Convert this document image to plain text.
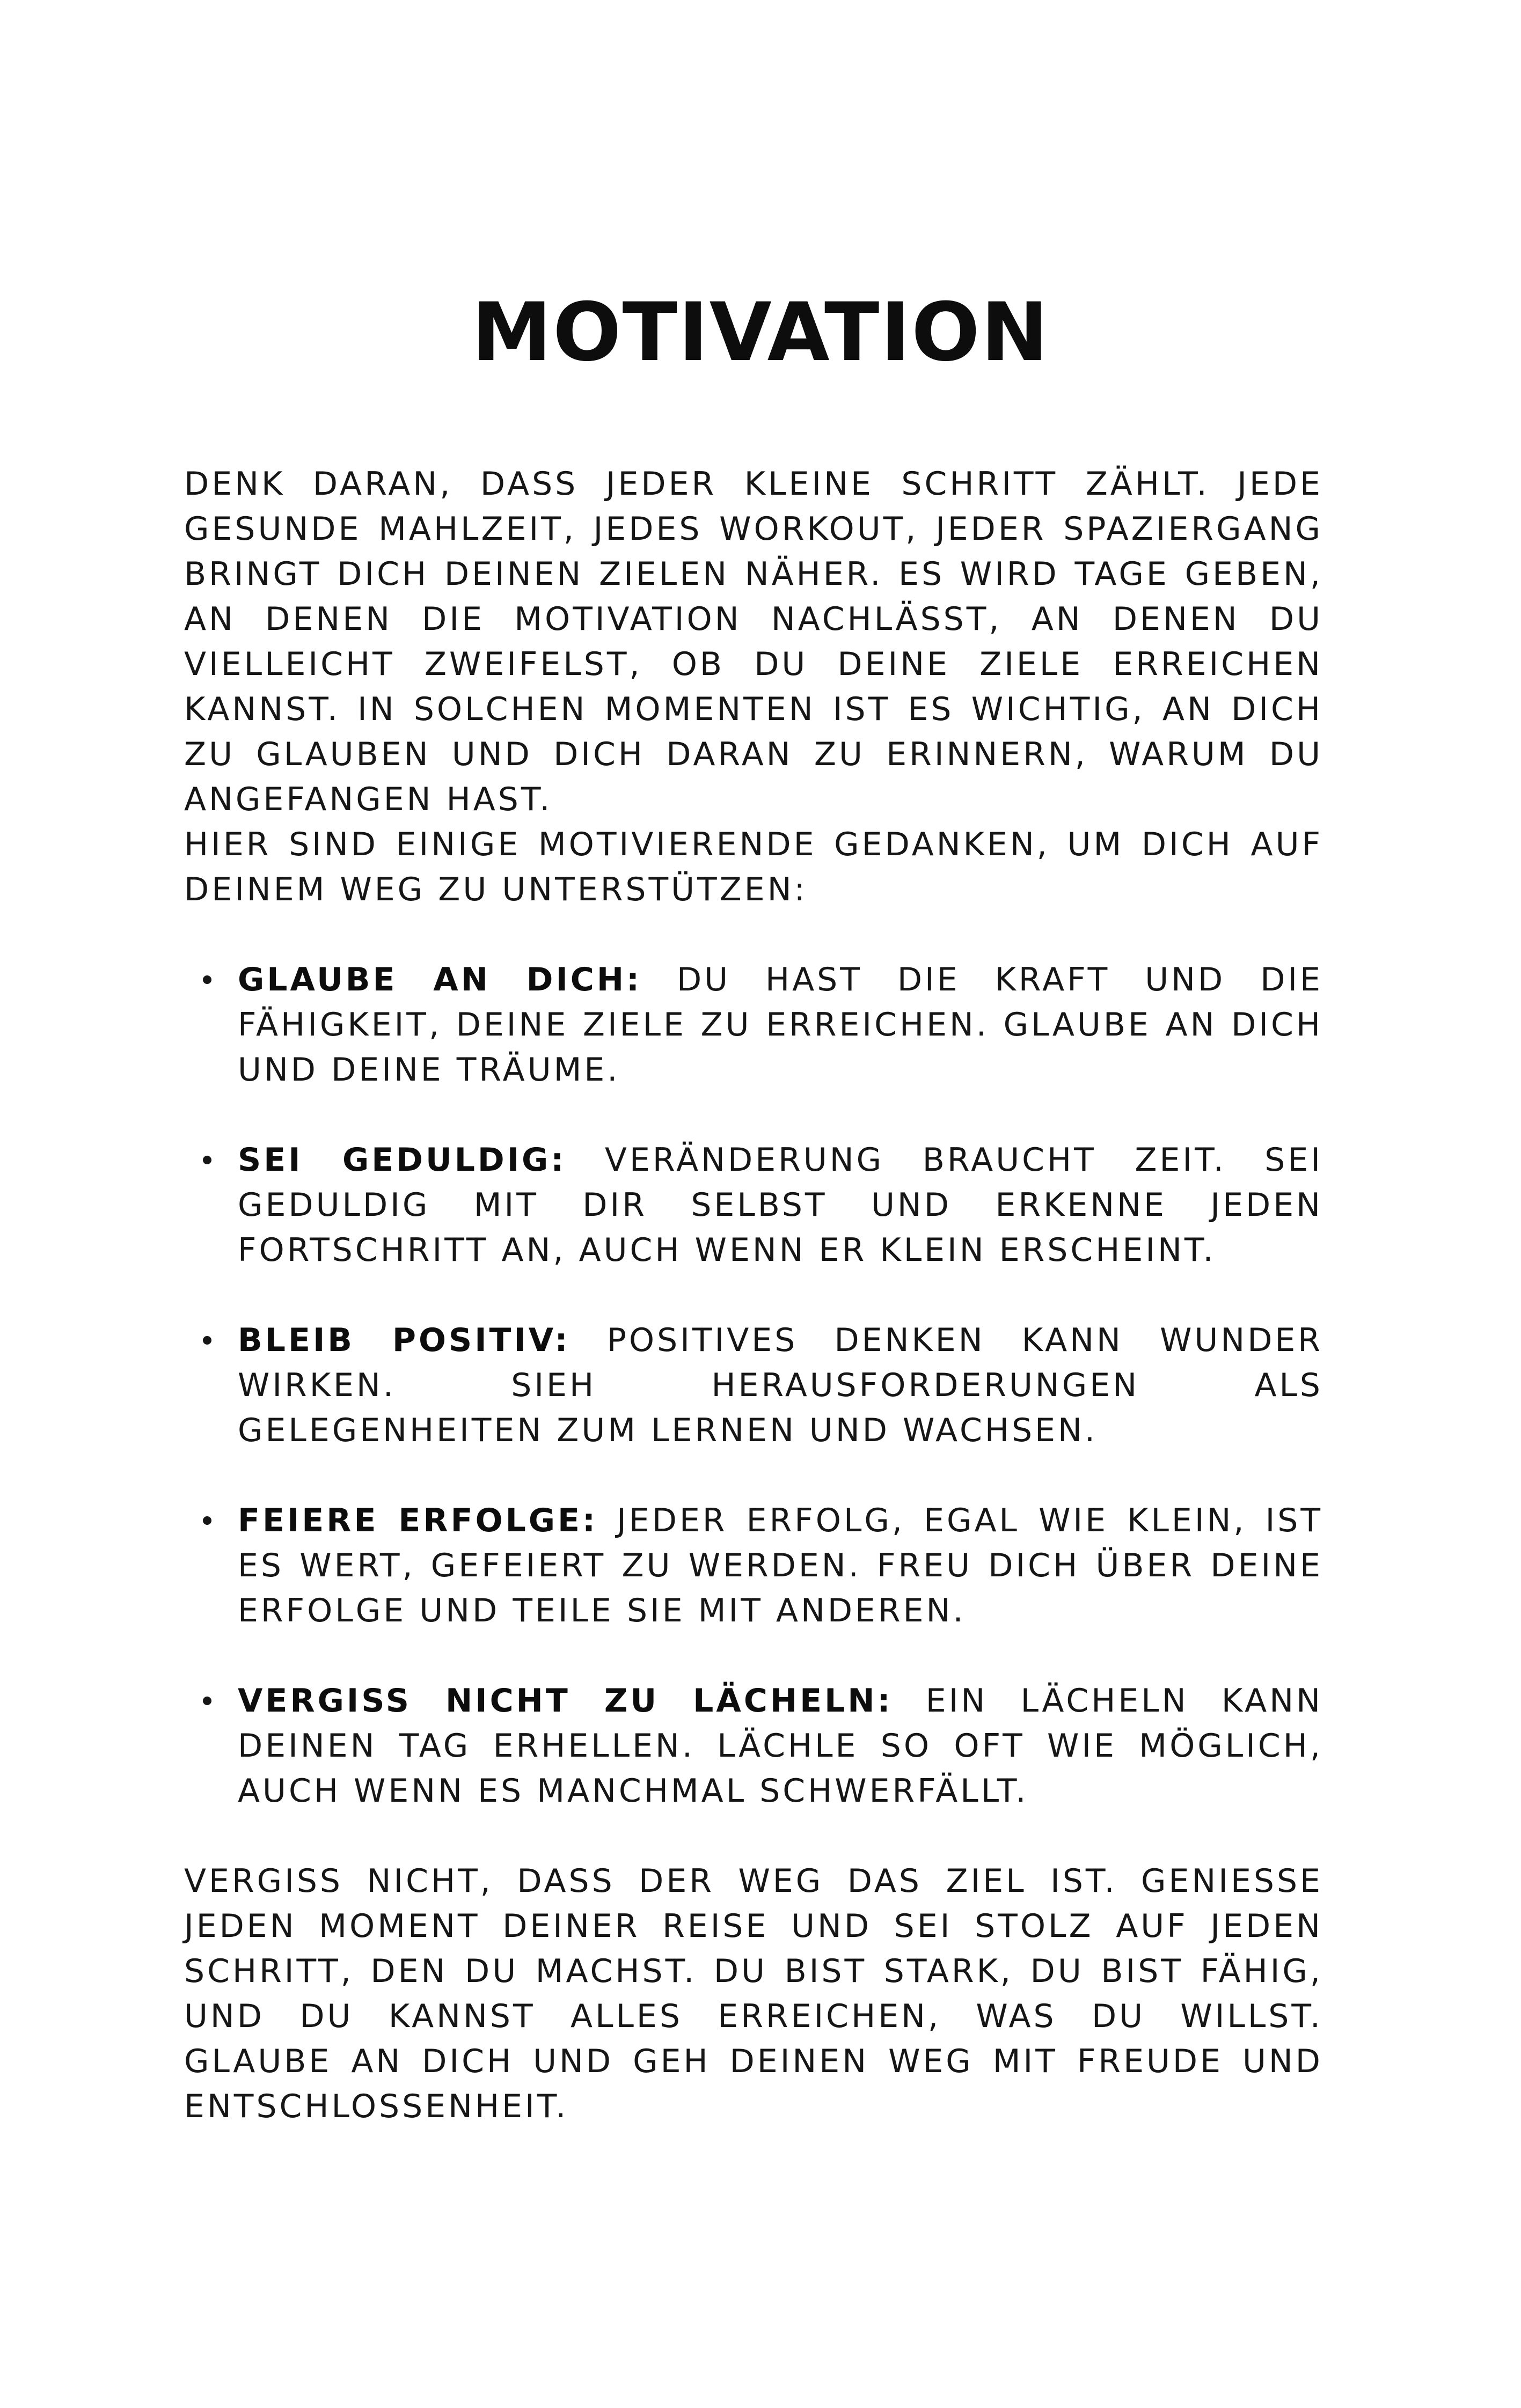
MOTIVATION

DENK DARAN, DASS JEDER KLEINE SCHRITT ZÄHLT. JEDE GESUNDE MAHLZEIT, JEDES WORKOUT, JEDER SPAZIERGANG BRINGT DICH DEINEN ZIELEN NÄHER. ES WIRD TAGE GEBEN, AN DENEN DIE MOTIVATION NACHLÄSST, AN DENEN DU VIELLEICHT ZWEIFELST, OB DU DEINE ZIELE ERREICHEN KANNST. IN SOLCHEN MOMENTEN IST ES WICHTIG, AN DICH ZU GLAUBEN UND DICH DARAN ZU ERINNERN, WARUM DU ANGEFANGEN HAST.

HIER SIND EINIGE MOTIVIERENDE GEDANKEN, UM DICH AUF DEINEM WEG ZU UNTERSTÜTZEN:

GLAUBE AN DICH: DU HAST DIE KRAFT UND DIE FÄHIGKEIT, DEINE ZIELE ZU ERREICHEN. GLAUBE AN DICH UND DEINE TRÄUME.
SEI GEDULDIG: VERÄNDERUNG BRAUCHT ZEIT. SEI GEDULDIG MIT DIR SELBST UND ERKENNE JEDEN FORTSCHRITT AN, AUCH WENN ER KLEIN ERSCHEINT.
BLEIB POSITIV: POSITIVES DENKEN KANN WUNDER WIRKEN. SIEH HERAUSFORDERUNGEN ALS GELEGENHEITEN ZUM LERNEN UND WACHSEN.
FEIERE ERFOLGE: JEDER ERFOLG, EGAL WIE KLEIN, IST ES WERT, GEFEIERT ZU WERDEN. FREU DICH ÜBER DEINE ERFOLGE UND TEILE SIE MIT ANDEREN.
VERGISS NICHT ZU LÄCHELN: EIN LÄCHELN KANN DEINEN TAG ERHELLEN. LÄCHLE SO OFT WIE MÖGLICH, AUCH WENN ES MANCHMAL SCHWERFÄLLT.

VERGISS NICHT, DASS DER WEG DAS ZIEL IST. GENIESSE JEDEN MOMENT DEINER REISE UND SEI STOLZ AUF JEDEN SCHRITT, DEN DU MACHST. DU BIST STARK, DU BIST FÄHIG, UND DU KANNST ALLES ERREICHEN, WAS DU WILLST. GLAUBE AN DICH UND GEH DEINEN WEG MIT FREUDE UND ENTSCHLOSSENHEIT.
